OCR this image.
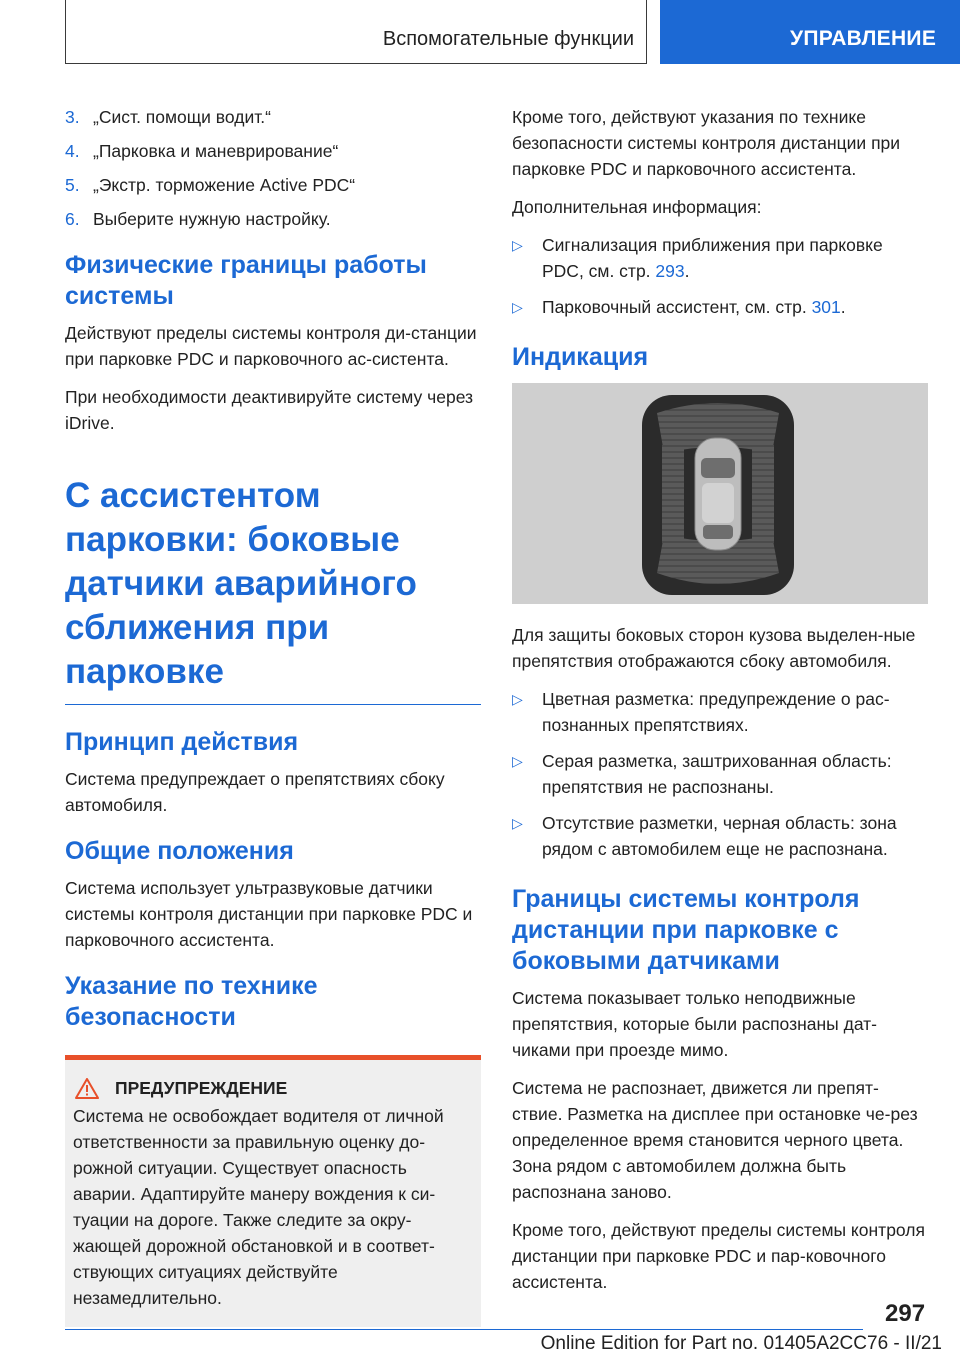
Вспомогательные функции	УПРАВЛЕНИЕ
3. „Сист. помощи водит.“
4. „Парковка и маневрирование“
5. „Экстр. торможение Active PDC“
6. Выберите нужную настройку.
Физические границы работы системы

Действуют пределы системы контроля ди-станции при парковке PDC и парковочного ас-систента.

При необходимости деактивируйте систему через iDrive.

С ассистентом парковки: боковые датчики аварийного сближения при парковке
Принцип действия

Система предупреждает о препятствиях сбоку автомобиля.

Общие положения

Система использует ультразвуковые датчики системы контроля дистанции при парковке PDC и парковочного ассистента.

Указание по технике безопасности
ПРЕДУПРЕЖДЕНИЕ

Система не освобождает водителя от личной ответственности за правильную оценку до-рожной ситуации. Существует опасность аварии. Адаптируйте манеру вождения к си-туации на дороге. Также следите за окру-жающей дорожной обстановкой и в соответ-ствующих ситуациях действуйте незамедлительно.

Кроме того, действуют указания по технике безопасности системы контроля дистанции при парковке PDC и парковочного ассистента.

Дополнительная информация:

▷ Сигнализация приближения при парковке PDC, см. стр. 293.
▷ Парковочный ассистент, см. стр. 301.
Индикация

Для защиты боковых сторон кузова выделен-ные препятствия отображаются сбоку автомобиля.

▷ Цветная разметка: предупреждение о рас-познанных препятствиях.
▷ Серая разметка, заштрихованная область: препятствия не распознаны.
▷ Отсутствие разметки, черная область: зона рядом с автомобилем еще не распознана.
Границы системы контроля дистанции при парковке с боковыми датчиками

Система показывает только неподвижные препятствия, которые были распознаны дат-чиками при проезде мимо.

Система не распознает, движется ли препят-ствие. Разметка на дисплее при остановке че-рез определенное время становится черного цвета. Зона рядом с автомобилем должна быть распознана заново.

Кроме того, действуют пределы системы контроля дистанции при парковке PDC и пар-ковочного ассистента.

297
Online Edition for Part no. 01405A2CC76 - II/21
